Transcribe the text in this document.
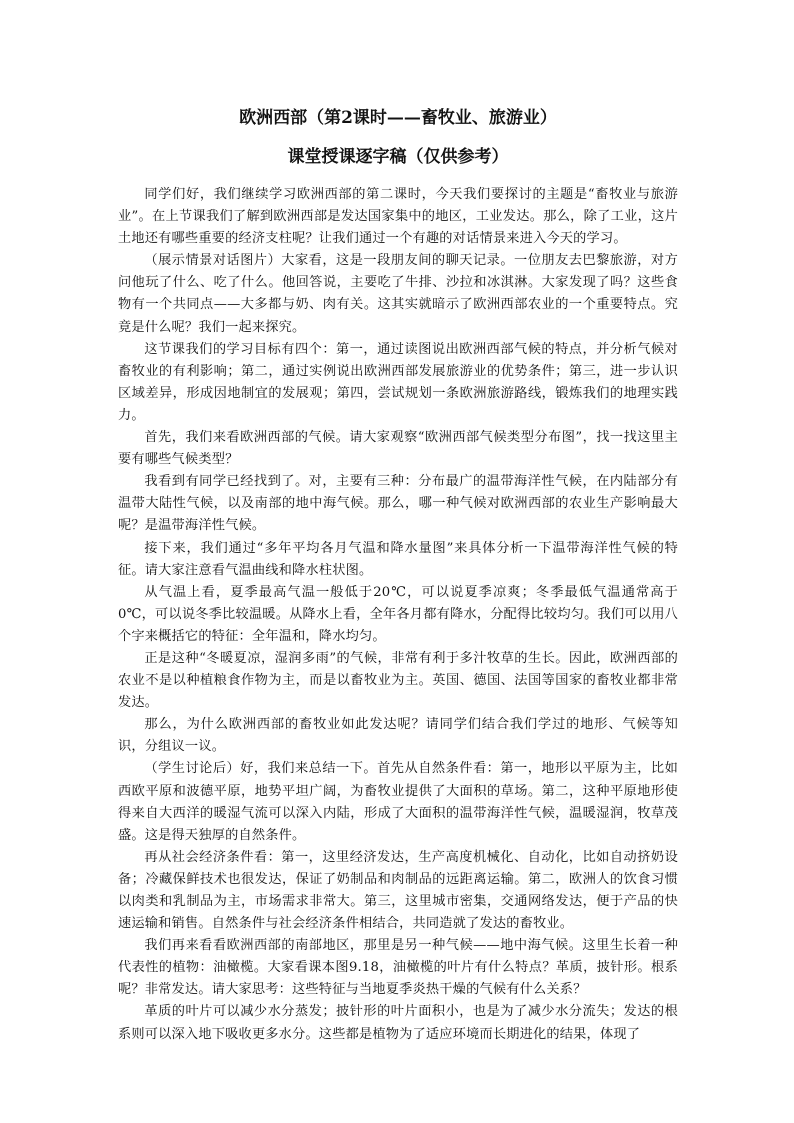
欧洲西部（第2课时——畜牧业、旅游业）
课堂授课逐字稿（仅供参考）

同学们好，我们继续学习欧洲西部的第二课时，今天我们要探讨的主题是“畜牧业与旅游业”。在上节课我们了解到欧洲西部是发达国家集中的地区，工业发达。那么，除了工业，这片土地还有哪些重要的经济支柱呢？让我们通过一个有趣的对话情景来进入今天的学习。

（展示情景对话图片）大家看，这是一段朋友间的聊天记录。一位朋友去巴黎旅游，对方问他玩了什么、吃了什么。他回答说，主要吃了牛排、沙拉和冰淇淋。大家发现了吗？这些食物有一个共同点——大多都与奶、肉有关。这其实就暗示了欧洲西部农业的一个重要特点。究竟是什么呢？我们一起来探究。

这节课我们的学习目标有四个：第一，通过读图说出欧洲西部气候的特点，并分析气候对畜牧业的有利影响；第二，通过实例说出欧洲西部发展旅游业的优势条件；第三，进一步认识区域差异，形成因地制宜的发展观；第四，尝试规划一条欧洲旅游路线，锻炼我们的地理实践力。

首先，我们来看欧洲西部的气候。请大家观察“欧洲西部气候类型分布图”，找一找这里主要有哪些气候类型？

我看到有同学已经找到了。对，主要有三种：分布最广的温带海洋性气候，在内陆部分有温带大陆性气候，以及南部的地中海气候。那么，哪一种气候对欧洲西部的农业生产影响最大呢？是温带海洋性气候。

接下来，我们通过“多年平均各月气温和降水量图”来具体分析一下温带海洋性气候的特征。请大家注意看气温曲线和降水柱状图。

从气温上看，夏季最高气温一般低于20℃，可以说夏季凉爽；冬季最低气温通常高于0℃，可以说冬季比较温暖。从降水上看，全年各月都有降水，分配得比较均匀。我们可以用八个字来概括它的特征：全年温和，降水均匀。

正是这种“冬暖夏凉，湿润多雨”的气候，非常有利于多汁牧草的生长。因此，欧洲西部的农业不是以种植粮食作物为主，而是以畜牧业为主。英国、德国、法国等国家的畜牧业都非常发达。

那么，为什么欧洲西部的畜牧业如此发达呢？请同学们结合我们学过的地形、气候等知识，分组议一议。

（学生讨论后）好，我们来总结一下。首先从自然条件看：第一，地形以平原为主，比如西欧平原和波德平原，地势平坦广阔，为畜牧业提供了大面积的草场。第二，这种平原地形使得来自大西洋的暖湿气流可以深入内陆，形成了大面积的温带海洋性气候，温暖湿润，牧草茂盛。这是得天独厚的自然条件。

再从社会经济条件看：第一，这里经济发达，生产高度机械化、自动化，比如自动挤奶设备；冷藏保鲜技术也很发达，保证了奶制品和肉制品的远距离运输。第二，欧洲人的饮食习惯以肉类和乳制品为主，市场需求非常大。第三，这里城市密集，交通网络发达，便于产品的快速运输和销售。自然条件与社会经济条件相结合，共同造就了发达的畜牧业。

我们再来看看欧洲西部的南部地区，那里是另一种气候——地中海气候。这里生长着一种代表性的植物：油橄榄。大家看课本图9.18，油橄榄的叶片有什么特点？革质，披针形。根系呢？非常发达。请大家思考：这些特征与当地夏季炎热干燥的气候有什么关系？

革质的叶片可以减少水分蒸发；披针形的叶片面积小，也是为了减少水分流失；发达的根系则可以深入地下吸收更多水分。这些都是植物为了适应环境而长期进化的结果，体现了
